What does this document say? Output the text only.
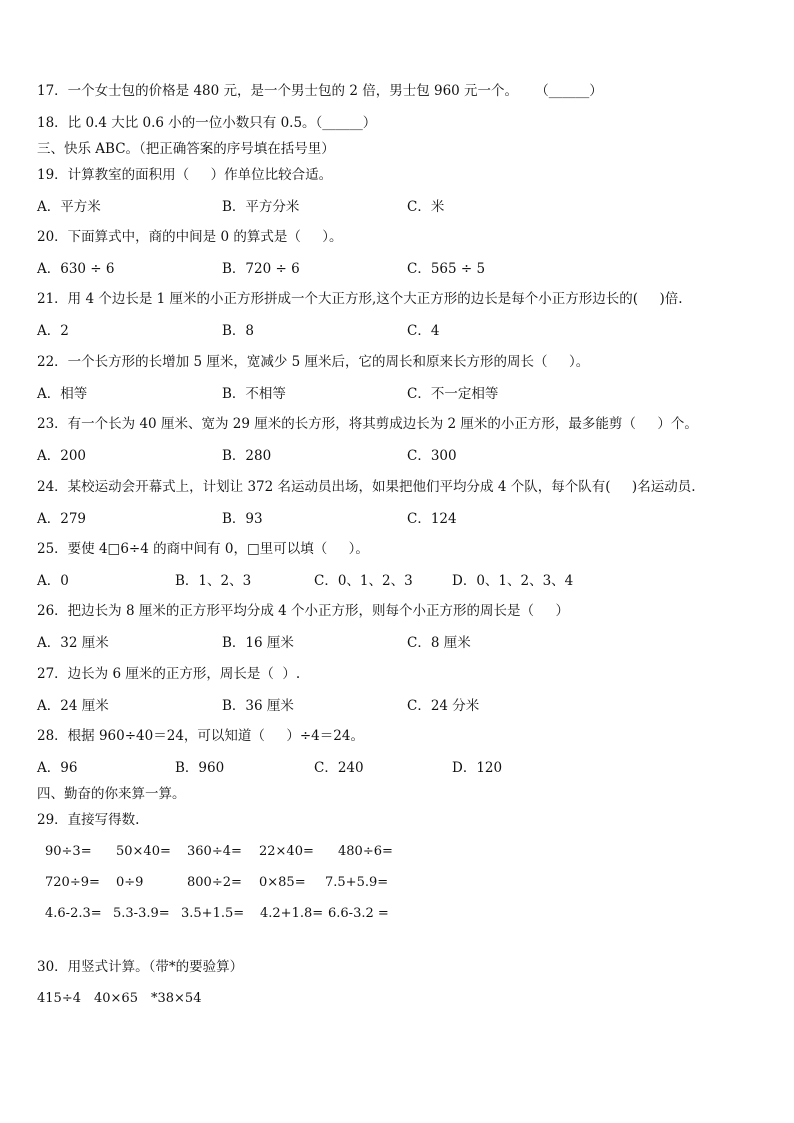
17．一个女士包的价格是 480 元，是一个男士包的 2 倍，男士包 960 元一个。    （______）
18．比 0.4 大比 0.6 小的一位小数只有 0.5。（______）
三、快乐 ABC。（把正确答案的序号填在括号里）
19．计算教室的面积用（     ）作单位比较合适。
A．平方米	B．平方分米	C．米
20．下面算式中，商的中间是 0 的算式是（     ）。
A．630 ÷ 6	B．720 ÷ 6	C．565 ÷ 5
21．用 4 个边长是 1 厘米的小正方形拼成一个大正方形,这个大正方形的边长是每个小正方形边长的(     )倍.
A．2	B．8	C．4
22．一个长方形的长增加 5 厘米，宽减少 5 厘米后，它的周长和原来长方形的周长（     ）。
A．相等	B．不相等	C．不一定相等
23．有一个长为 40 厘米、宽为 29 厘米的长方形，将其剪成边长为 2 厘米的小正方形，最多能剪（     ）个。
A．200	B．280	C．300
24．某校运动会开幕式上，计划让 372 名运动员出场，如果把他们平均分成 4 个队，每个队有(     )名运动员.
A．279	B．93	C．124
25．要使 4□6÷4 的商中间有 0，□里可以填（     ）。
A．0	B．1、2、3	C．0、1、2、3	D．0、1、2、3、4
26．把边长为 8 厘米的正方形平均分成 4 个小正方形，则每个小正方形的周长是（     ）
A．32 厘米	B．16 厘米	C．8 厘米
27．边长为 6 厘米的正方形，周长是（  ）.
A．24 厘米	B．36 厘米	C．24 分米
28．根据 960÷40＝24，可以知道（     ）÷4＝24。
A．96	B．960	C．240	D．120
四、勤奋的你来算一算。
29．直接写得数.
90÷3= 50×40= 360÷4= 22×40= 480÷6=
720÷9= 0÷9	800÷2= 0×85= 7.5+5.9=
4.6-2.3= 5.3-3.9= 3.5+1.5= 4.2+1.8= 6.6-3.2 =
30．用竖式计算。（带*的要验算）
415÷4 40×65 *38×54
